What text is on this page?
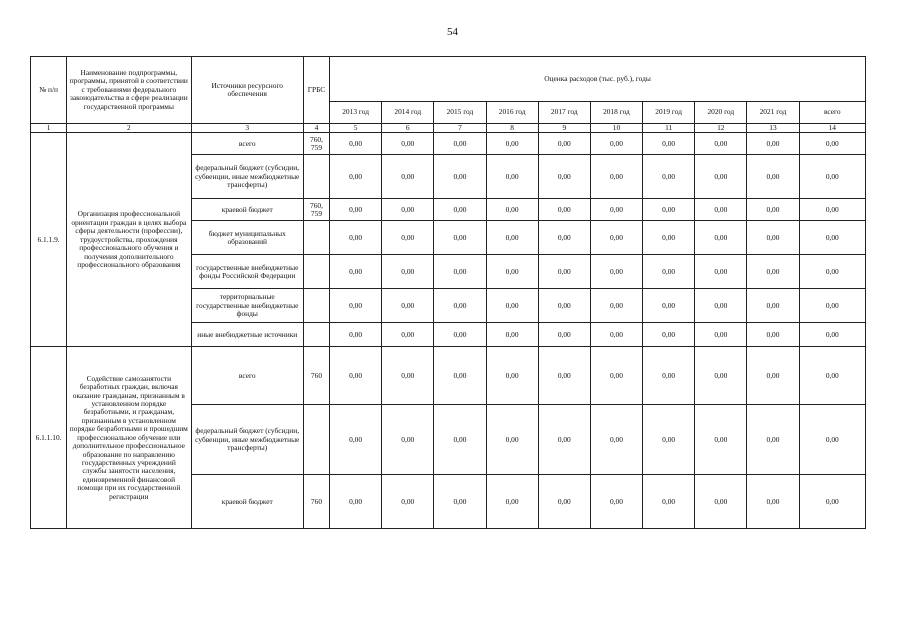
54
№ п/п	Наименование подпрограммы, программы, принятой в соответствии с требованиями федерального законодательства в сфере реализации государственной программы	Источники ресурсного обеспечения	ГРБС	Оценка расходов (тыс. руб.), годы									
				2013 год	2014 год	2015 год	2016 год	2017 год	2018 год	2019 год	2020 год	2021 год	всего
1	2	3	4	5	6	7	8	9	10	11	12	13	14
6.1.1.9.	Организация профессиональной ориентации граждан в целях выбора сферы деятельности (профессии), трудоустройства, прохождения профессионального обучения и получения дополнительного профессионального образования	всего	760, 759	0,00	0,00	0,00	0,00	0,00	0,00	0,00	0,00	0,00	0,00
		федеральный бюджет (субсидии, субвенции, иные межбюджетные трансферты)		0,00	0,00	0,00	0,00	0,00	0,00	0,00	0,00	0,00	0,00
		краевой бюджет	760, 759	0,00	0,00	0,00	0,00	0,00	0,00	0,00	0,00	0,00	0,00
		бюджет муниципальных образований		0,00	0,00	0,00	0,00	0,00	0,00	0,00	0,00	0,00	0,00
		государственные внебюджетные фонды Российской Федерации		0,00	0,00	0,00	0,00	0,00	0,00	0,00	0,00	0,00	0,00
		территориальные государственные внебюджетные фонды		0,00	0,00	0,00	0,00	0,00	0,00	0,00	0,00	0,00	0,00
		иные внебюджетные источники		0,00	0,00	0,00	0,00	0,00	0,00	0,00	0,00	0,00	0,00
6.1.1.10.	Содействие самозанятости безработных граждан, включая оказание гражданам, признанным в установленном порядке безработными, и гражданам, признанным в установленном порядке безработными и прошедшим профессиональное обучение или дополнительное профессиональное образование по направлению государственных учреждений службы занятости населения, единовременной финансовой помощи при их государственной регистрации	всего	760	0,00	0,00	0,00	0,00	0,00	0,00	0,00	0,00	0,00	0,00
		федеральный бюджет (субсидии, субвенции, иные межбюджетные трансферты)		0,00	0,00	0,00	0,00	0,00	0,00	0,00	0,00	0,00	0,00
		краевой бюджет	760	0,00	0,00	0,00	0,00	0,00	0,00	0,00	0,00	0,00	0,00
